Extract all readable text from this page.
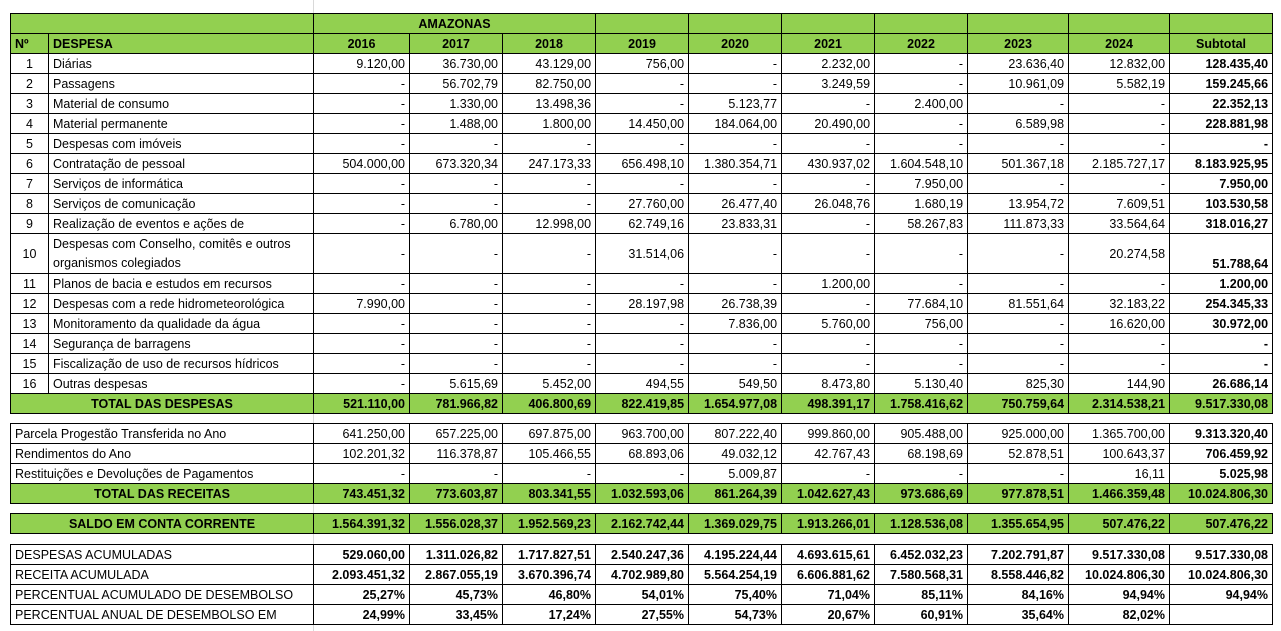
		AMAZONAS									
Nº	DESPESA	2016	2017	2018	2019	2020	2021	2022	2023	2024	Subtotal
1	Diárias	9.120,00	36.730,00	43.129,00	756,00	-	2.232,00	-	23.636,40	12.832,00	128.435,40
2	Passagens	-	56.702,79	82.750,00	-	-	3.249,59	-	10.961,09	5.582,19	159.245,66
3	Material de consumo	-	1.330,00	13.498,36	-	5.123,77	-	2.400,00	-	-	22.352,13
4	Material permanente	-	1.488,00	1.800,00	14.450,00	184.064,00	20.490,00	-	6.589,98	-	228.881,98
5	Despesas com imóveis	-	-	-	-	-	-	-	-	-	-
6	Contratação de pessoal	504.000,00	673.320,34	247.173,33	656.498,10	1.380.354,71	430.937,02	1.604.548,10	501.367,18	2.185.727,17	8.183.925,95
7	Serviços de informática	-	-	-	-	-	-	7.950,00	-	-	7.950,00
8	Serviços de comunicação	-	-	-	27.760,00	26.477,40	26.048,76	1.680,19	13.954,72	7.609,51	103.530,58
9	Realização de eventos e ações de	-	6.780,00	12.998,00	62.749,16	23.833,31	-	58.267,83	111.873,33	33.564,64	318.016,27
10	Despesas com Conselho, comitês e outros organismos colegiados	-	-	-	31.514,06	-	-	-	-	20.274,58	51.788,64
11	Planos de bacia e estudos em recursos	-	-	-	-	-	1.200,00	-	-	-	1.200,00
12	Despesas com a rede hidrometeorológica	7.990,00	-	-	28.197,98	26.738,39	-	77.684,10	81.551,64	32.183,22	254.345,33
13	Monitoramento da qualidade da água	-	-	-	-	7.836,00	5.760,00	756,00	-	16.620,00	30.972,00
14	Segurança de barragens	-	-	-	-	-	-	-	-	-	-
15	Fiscalização de uso de recursos hídricos	-	-	-	-	-	-	-	-	-	-
16	Outras despesas	-	5.615,69	5.452,00	494,55	549,50	8.473,80	5.130,40	825,30	144,90	26.686,14
TOTAL DAS DESPESAS		521.110,00	781.966,82	406.800,69	822.419,85	1.654.977,08	498.391,17	1.758.416,62	750.759,64	2.314.538,21	9.517.330,08
Parcela Progestão Transferida no Ano	641.250,00	657.225,00	697.875,00	963.700,00	807.222,40	999.860,00	905.488,00	925.000,00	1.365.700,00	9.313.320,40
Rendimentos do Ano	102.201,32	116.378,87	105.466,55	68.893,06	49.032,12	42.767,43	68.198,69	52.878,51	100.643,37	706.459,92
Restituições e Devoluções de Pagamentos	-	-	-	-	5.009,87	-	-	-	16,11	5.025,98
TOTAL DAS RECEITAS	743.451,32	773.603,87	803.341,55	1.032.593,06	861.264,39	1.042.627,43	973.686,69	977.878,51	1.466.359,48	10.024.806,30
SALDO EM CONTA CORRENTE	1.564.391,32	1.556.028,37	1.952.569,23	2.162.742,44	1.369.029,75	1.913.266,01	1.128.536,08	1.355.654,95	507.476,22	507.476,22
DESPESAS ACUMULADAS	529.060,00	1.311.026,82	1.717.827,51	2.540.247,36	4.195.224,44	4.693.615,61	6.452.032,23	7.202.791,87	9.517.330,08	9.517.330,08
RECEITA ACUMULADA	2.093.451,32	2.867.055,19	3.670.396,74	4.702.989,80	5.564.254,19	6.606.881,62	7.580.568,31	8.558.446,82	10.024.806,30	10.024.806,30
PERCENTUAL ACUMULADO DE DESEMBOLSO	25,27%	45,73%	46,80%	54,01%	75,40%	71,04%	85,11%	84,16%	94,94%	94,94%
PERCENTUAL ANUAL DE DESEMBOLSO EM	24,99%	33,45%	17,24%	27,55%	54,73%	20,67%	60,91%	35,64%	82,02%	
